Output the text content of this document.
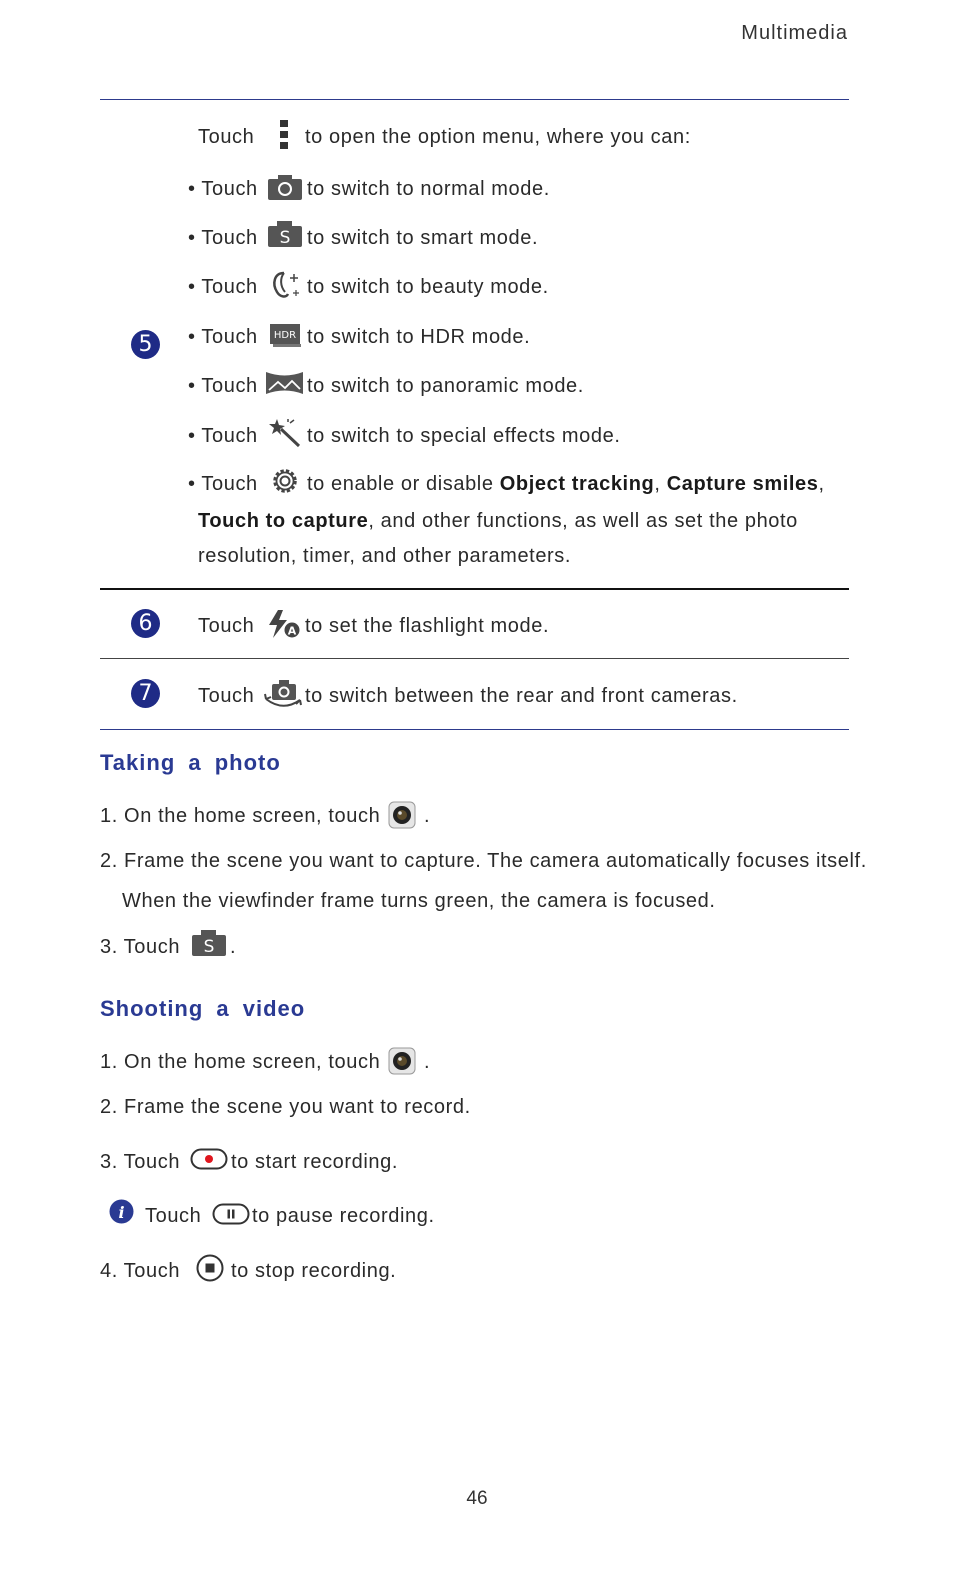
Multimedia
5
Touch	to open the option menu, where you can:
• Touch to switch to normal mode.
• Touch S to switch to smart mode.
• Touch to switch to beauty mode.
• Touch HDR to switch to HDR mode.
• Touch to switch to panoramic mode.
• Touch to switch to special effects mode.
• Touch to enable or disable Object tracking, Capture smiles,
Touch to capture, and other functions, as well as set the photo
resolution, timer, and other parameters.
6	Touch	A to set the flashlight mode.
7	Touch	to switch between the rear and front cameras.
Taking a photo
1. On the home screen, touch .
2. Frame the scene you want to capture. The camera automatically focuses itself.
When the viewfinder frame turns green, the camera is focused.
3. Touch S .
Shooting a video
1. On the home screen, touch .
2. Frame the scene you want to record.
3. Touch	to start recording.
i Touch	to pause recording.
4. Touch	to stop recording.
46
